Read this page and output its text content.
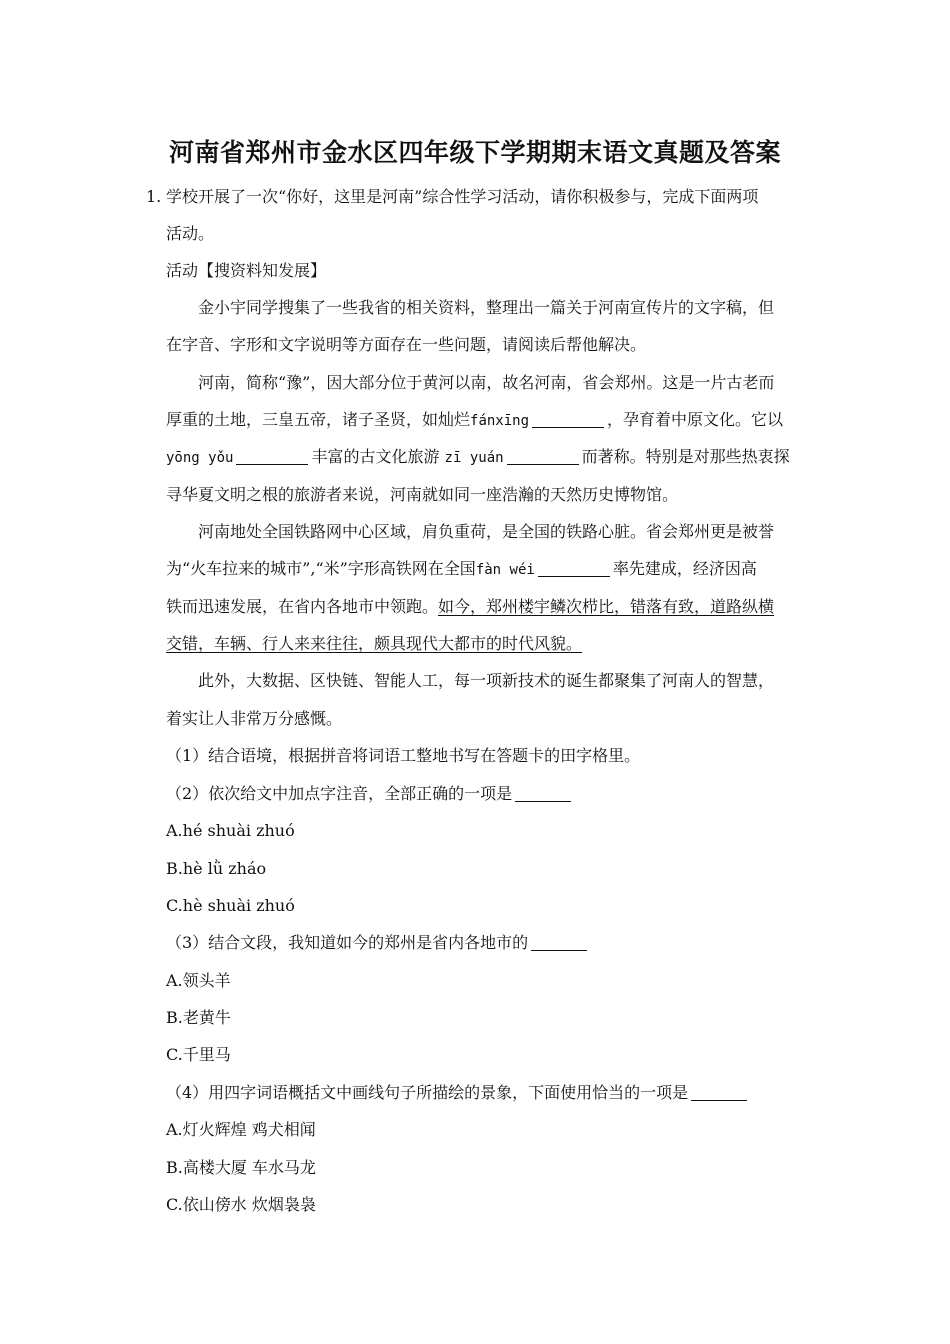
河南省郑州市金水区四年级下学期期末语文真题及答案
1. 学校开展了一次“你好，这里是河南”综合性学习活动，请你积极参与，完成下面两项
活动。
活动【搜资料知发展】
金小宇同学搜集了一些我省的相关资料，整理出一篇关于河南宣传片的文字稿，但
在字音、字形和文字说明等方面存在一些问题，请阅读后帮他解决。
河南，简称“豫”，因大部分位于黄河以南，故名河南，省会郑州。这是一片古老而
厚重的土地，三皇五帝，诸子圣贤，如灿烂fánxīng	，孕育着中原文化。它以
yōng yǒu	丰富的古文化旅游 zī yuán	而著称。特别是对那些热衷探
寻华夏文明之根的旅游者来说，河南就如同一座浩瀚的天然历史博物馆。
河南地处全国铁路网中心区域，肩负重荷，是全国的铁路心脏。省会郑州更是被誉
为“火车拉来的城市”,“米”字形高铁网在全国fàn wéi	率先建成，经济因高
铁而迅速发展，在省内各地市中领跑。如今，郑州楼宇鳞次栉比，错落有致，道路纵横
交错，车辆、行人来来往往，颇具现代大都市的时代风貌。
此外，大数据、区快链、智能人工，每一项新技术的诞生都聚集了河南人的智慧，
着实让人非常万分感慨。
（1）结合语境，根据拼音将词语工整地书写在答题卡的田字格里。
（2）依次给文中加点字注音，全部正确的一项是
A.hé shuài zhuó
B.hè lǜ zháo
C.hè shuài zhuó
（3）结合文段，我知道如今的郑州是省内各地市的
A.领头羊
B.老黄牛
C.千里马
（4）用四字词语概括文中画线句子所描绘的景象，下面使用恰当的一项是
A.灯火辉煌 鸡犬相闻
B.高楼大厦 车水马龙
C.依山傍水 炊烟袅袅
